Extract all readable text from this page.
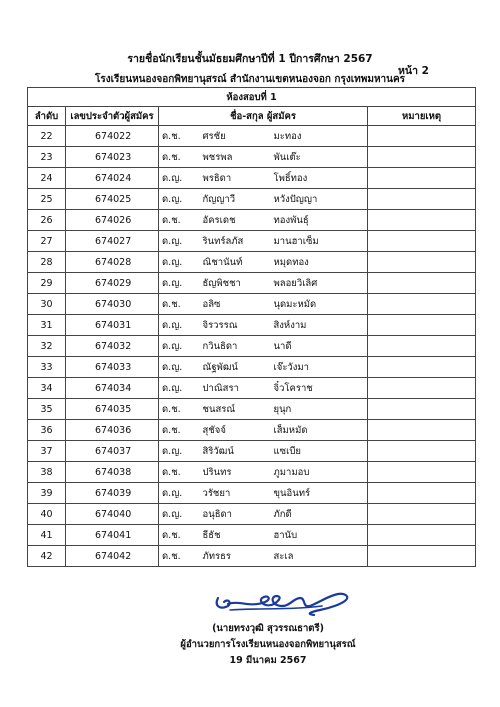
รายชื่อนักเรียนชั้นมัธยมศึกษาปีที่ 1 ปีการศึกษา 2567
หน้า 2
โรงเรียนหนองจอกพิทยานุสรณ์ สำนักงานเขตหนองจอก กรุงเทพมหานคร
ห้องสอบที่ 1					
ลำดับ	เลขประจำตัวผู้สมัคร	ชื่อ-สกุล ผู้สมัคร			หมายเหตุ
22	674022	ด.ช.	ศรชัย	มะทอง	
23	674023	ด.ช.	พชรพล	พันเต๊ะ	
24	674024	ด.ญ.	พรธิดา	โพธิ์ทอง	
25	674025	ด.ญ.	กัญญาวี	หวังปัญญา	
26	674026	ด.ช.	อัครเดช	ทองพันธุ์	
27	674027	ด.ญ.	รินทร์ลภัส	มานฮาเซ็ม	
28	674028	ด.ญ.	ณิชานันท์	หมุดทอง	
29	674029	ด.ญ.	ธัญพิชชา	พลอยวิเลิศ	
30	674030	ด.ช.	อลิซ	นุดมะหมัด	
31	674031	ด.ญ.	จิรวรรณ	สิงห์งาม	
32	674032	ด.ญ.	กวินธิดา	นาดี	
33	674033	ด.ญ.	ณัฐพัฒน์	เจ๊ะวังมา	
34	674034	ด.ญ.	ปาณิสรา	จิ๋วโคราช	
35	674035	ด.ช.	ชนสรณ์	ยุนุก	
36	674036	ด.ช.	สุชัจจ์	เส็มหมัด	
37	674037	ด.ญ.	สิริวัฒน์	แซเบีย	
38	674038	ด.ช.	ปรินทร	ภูมามอบ	
39	674039	ด.ญ.	วรัชยา	ขุนอินทร์	
40	674040	ด.ญ.	อนุธิดา	ภักดี	
41	674041	ด.ช.	ธีธัช	ฮานับ	
42	674042	ด.ช.	ภัทรธร	สะเล	
(นายทรงวุฒิ สุวรรณธาตรี)
ผู้อำนวยการโรงเรียนหนองจอกพิทยานุสรณ์
19 มีนาคม 2567
